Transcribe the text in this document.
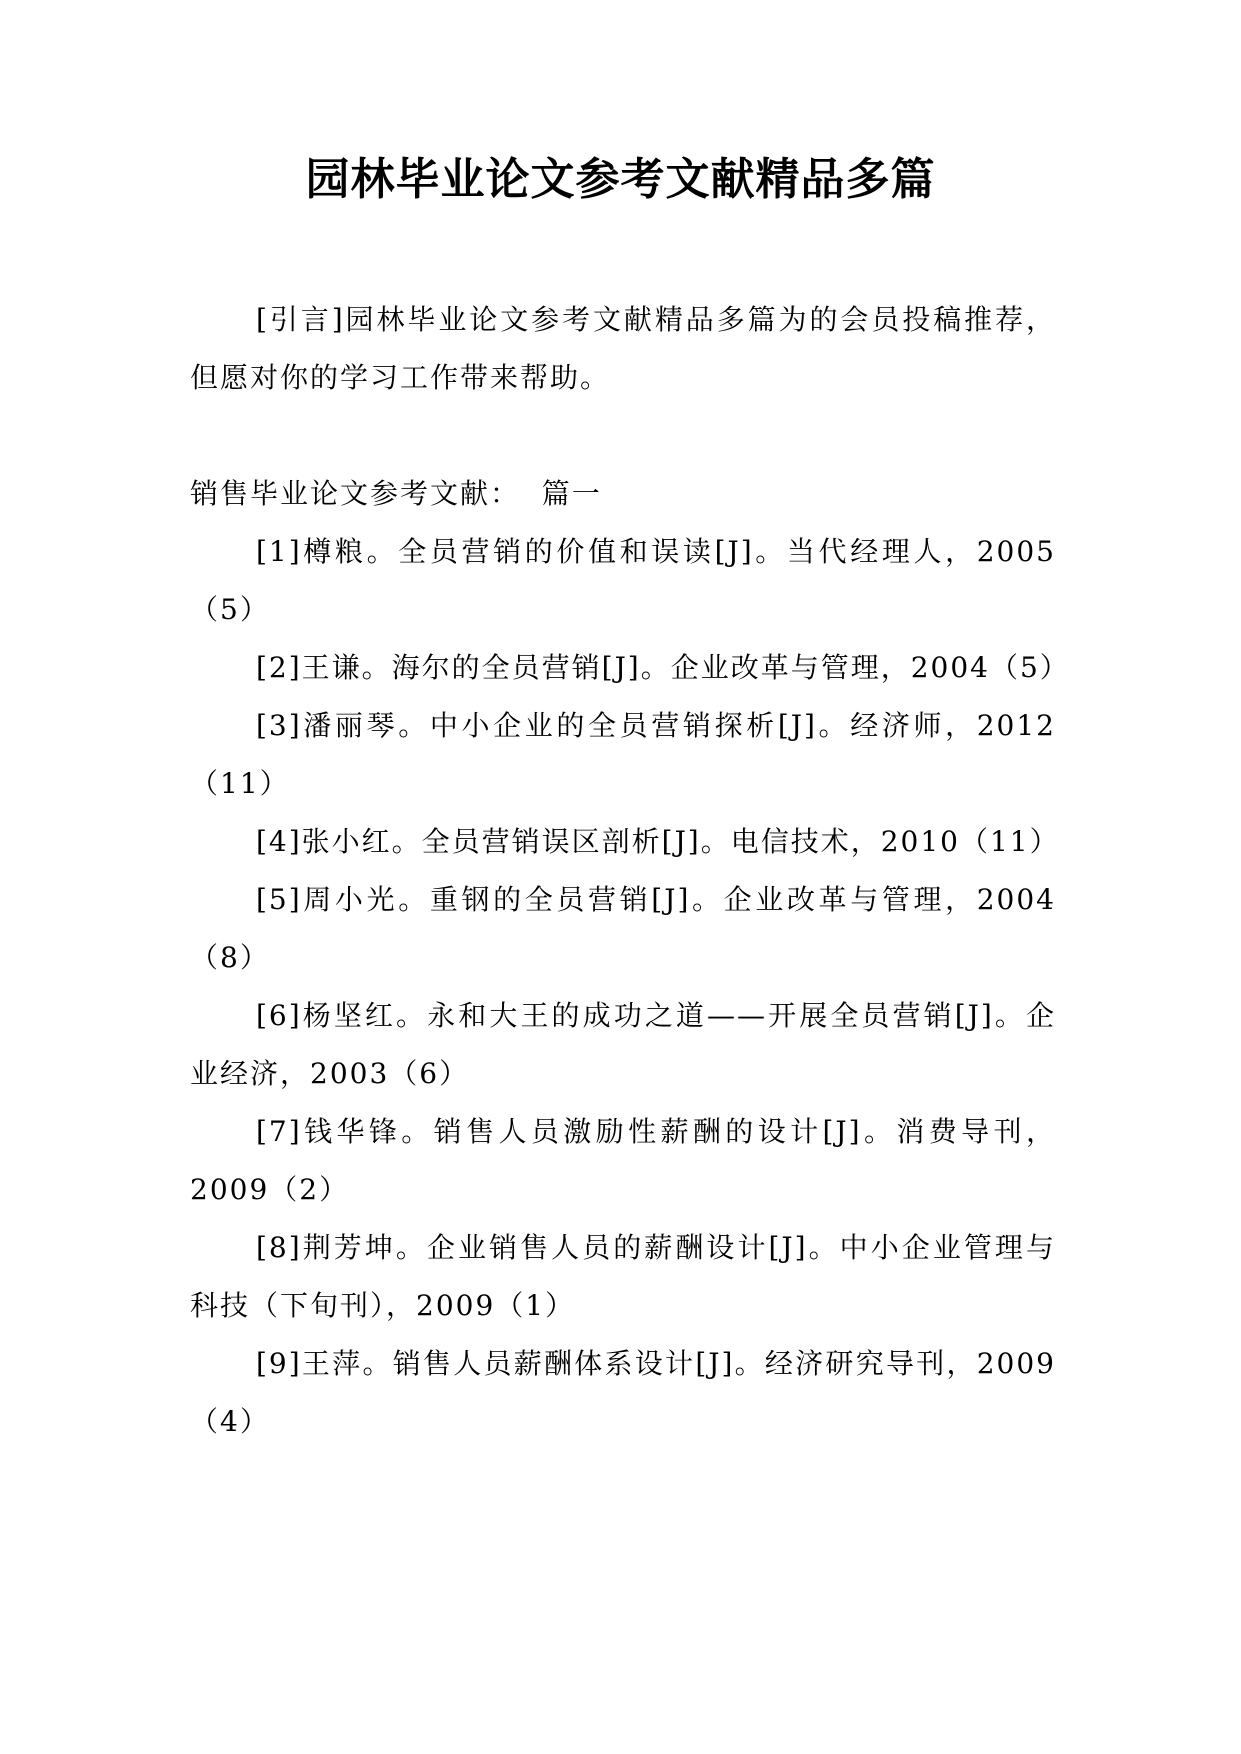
园林毕业论文参考文献精品多篇

[引言]园林毕业论文参考文献精品多篇为的会员投稿推荐，但愿对你的学习工作带来帮助。

销售毕业论文参考文献：  篇一

[1]樽粮。全员营销的价值和误读[J]。当代经理人，2005（5）
[2]王谦。海尔的全员营销[J]。企业改革与管理，2004（5）
[3]潘丽琴。中小企业的全员营销探析[J]。经济师，2012（11）
[4]张小红。全员营销误区剖析[J]。电信技术，2010（11）
[5]周小光。重钢的全员营销[J]。企业改革与管理，2004（8）
[6]杨坚红。永和大王的成功之道——开展全员营销[J]。企业经济，2003（6）
[7]钱华锋。销售人员激励性薪酬的设计[J]。消费导刊，2009（2）
[8]荆芳坤。企业销售人员的薪酬设计[J]。中小企业管理与科技（下旬刊），2009（1）
[9]王萍。销售人员薪酬体系设计[J]。经济研究导刊，2009（4）
